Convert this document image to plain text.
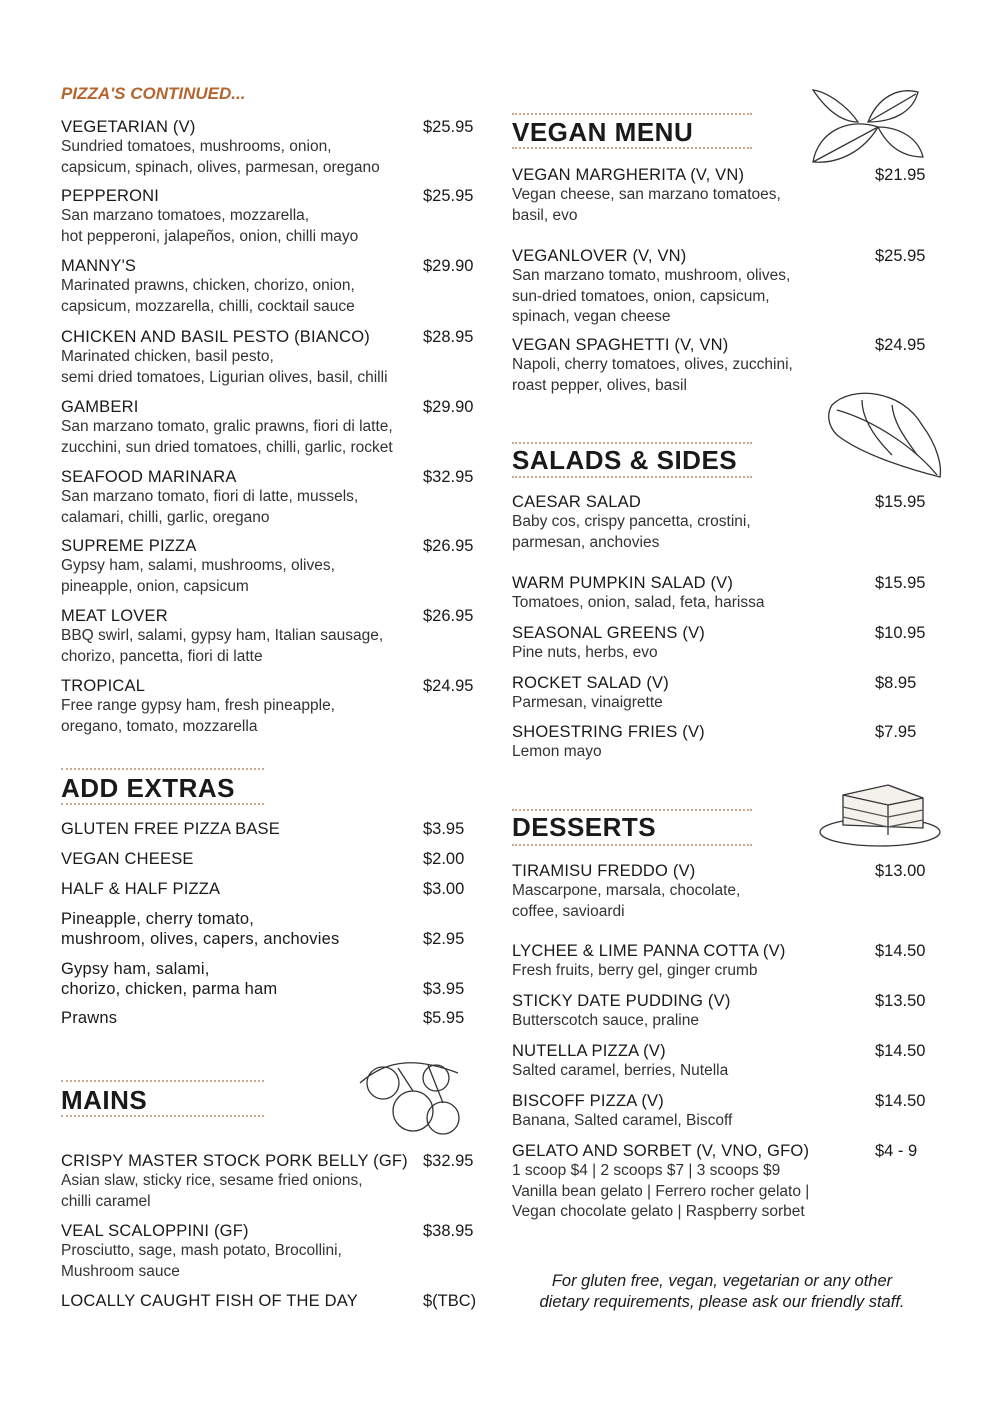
PIZZA'S CONTINUED...
ADD EXTRAS
MAINS
VEGAN MENU
SALADS & SIDES
DESSERTS
For gluten free, vegan, vegetarian or any other
dietary requirements, please ask our friendly staff.
VEGETARIAN (V)	$25.95
Sundried tomatoes, mushrooms, onion,
capsicum, spinach, olives, parmesan, oregano
PEPPERONI	$25.95
San marzano tomatoes, mozzarella,
hot pepperoni, jalapeños, onion, chilli mayo
MANNY'S	$29.90
Marinated prawns, chicken, chorizo, onion,
capsicum, mozzarella, chilli, cocktail sauce
CHICKEN AND BASIL PESTO (BIANCO)	$28.95
Marinated chicken, basil pesto,
semi dried tomatoes, Ligurian olives, basil, chilli
GAMBERI	$29.90
San marzano tomato, gralic prawns, fiori di latte,
zucchini, sun dried tomatoes, chilli, garlic, rocket
SEAFOOD MARINARA	$32.95
San marzano tomato, fiori di latte, mussels,
calamari, chilli, garlic, oregano
SUPREME PIZZA	$26.95
Gypsy ham, salami, mushrooms, olives,
pineapple, onion, capsicum
MEAT LOVER	$26.95
BBQ swirl, salami, gypsy ham, Italian sausage,
chorizo, pancetta, fiori di latte
TROPICAL	$24.95
Free range gypsy ham, fresh pineapple,
oregano, tomato, mozzarella
GLUTEN FREE PIZZA BASE	$3.95
VEGAN CHEESE	$2.00
HALF & HALF PIZZA	$3.00
Pineapple, cherry tomato,
mushroom, olives, capers, anchovies	$2.95
Gypsy ham, salami,
chorizo, chicken, parma ham	$3.95
Prawns	$5.95
CRISPY MASTER STOCK PORK BELLY (GF) $32.95
Asian slaw, sticky rice, sesame fried onions,
chilli caramel
VEAL SCALOPPINI (GF)	$38.95
Prosciutto, sage, mash potato, Brocollini,
Mushroom sauce
LOCALLY CAUGHT FISH OF THE DAY	$(TBC)
VEGAN MARGHERITA (V, VN)	$21.95
Vegan cheese, san marzano tomatoes,
basil, evo
VEGANLOVER (V, VN)	$25.95
San marzano tomato, mushroom, olives,
sun-dried tomatoes, onion, capsicum,
spinach, vegan cheese
VEGAN SPAGHETTI (V, VN)	$24.95
Napoli, cherry tomatoes, olives, zucchini,
roast pepper, olives, basil
CAESAR SALAD	$15.95
Baby cos, crispy pancetta, crostini,
parmesan, anchovies
WARM PUMPKIN SALAD (V)	$15.95
Tomatoes, onion, salad, feta, harissa
SEASONAL GREENS (V)	$10.95
Pine nuts, herbs, evo
ROCKET SALAD (V)	$8.95
Parmesan, vinaigrette
SHOESTRING FRIES (V)	$7.95
Lemon mayo
TIRAMISU FREDDO (V)	$13.00
Mascarpone, marsala, chocolate,
coffee, savioardi
LYCHEE & LIME PANNA COTTA (V)	$14.50
Fresh fruits, berry gel, ginger crumb
STICKY DATE PUDDING (V)	$13.50
Butterscotch sauce, praline
NUTELLA PIZZA (V)	$14.50
Salted caramel, berries, Nutella
BISCOFF PIZZA (V)	$14.50
Banana, Salted caramel, Biscoff
GELATO AND SORBET (V, VNO, GFO)	$4 - 9
1 scoop $4 | 2 scoops $7 | 3 scoops $9
Vanilla bean gelato | Ferrero rocher gelato |
Vegan chocolate gelato | Raspberry sorbet
